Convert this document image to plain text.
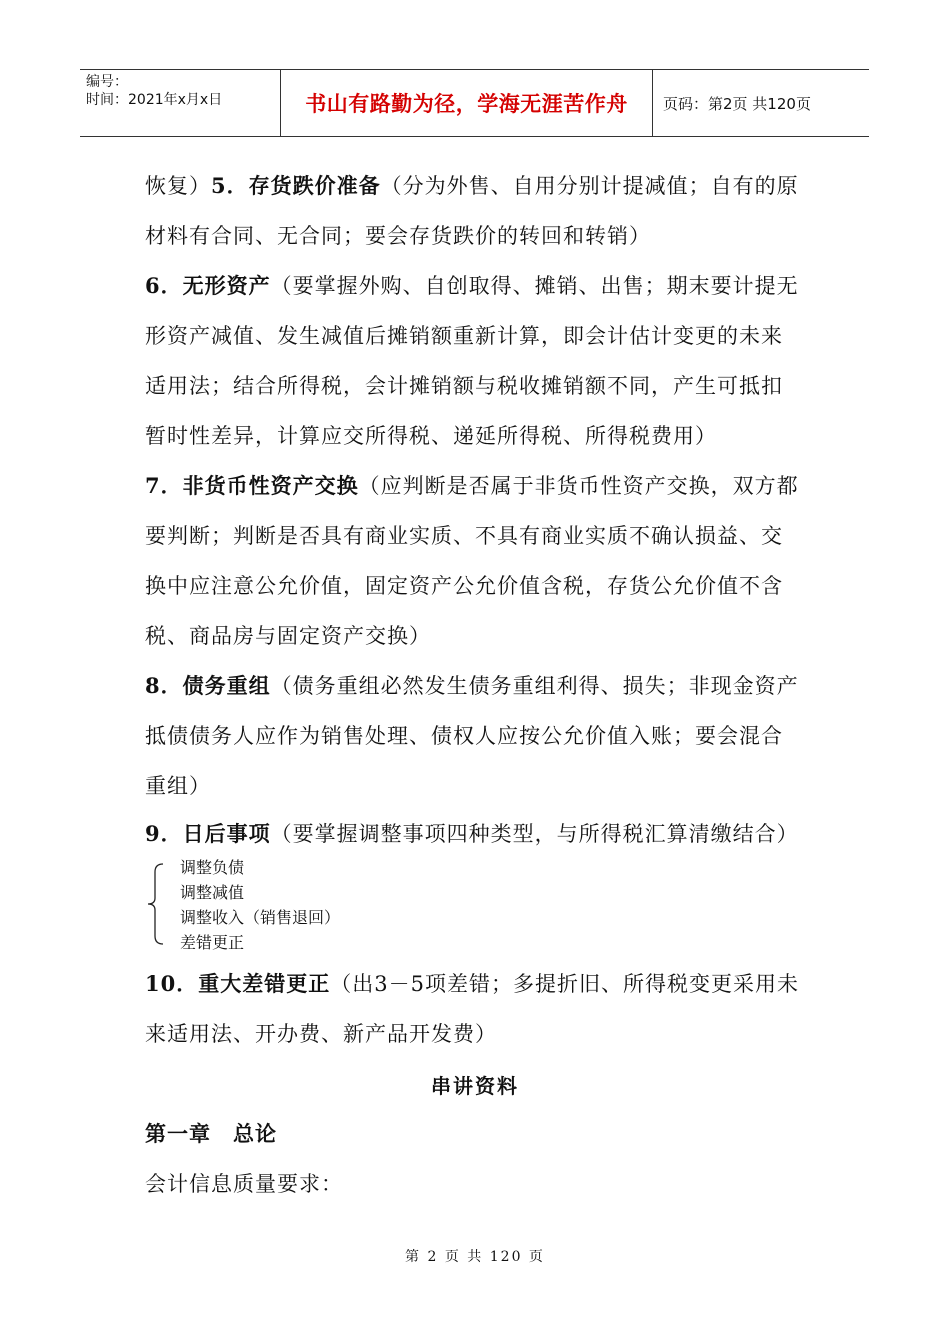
编号：
时间：2021年x月x日	书山有路勤为径，学海无涯苦作舟	页码：第2页 共120页
恢复）5．存货跌价准备（分为外售、自用分别计提减值；自有的原
材料有合同、无合同；要会存货跌价的转回和转销）
6．无形资产（要掌握外购、自创取得、摊销、出售；期末要计提无
形资产减值、发生减值后摊销额重新计算，即会计估计变更的未来
适用法；结合所得税，会计摊销额与税收摊销额不同，产生可抵扣
暂时性差异，计算应交所得税、递延所得税、所得税费用）
7．非货币性资产交换（应判断是否属于非货币性资产交换，双方都
要判断；判断是否具有商业实质、不具有商业实质不确认损益、交
换中应注意公允价值，固定资产公允价值含税，存货公允价值不含
税、商品房与固定资产交换）
8．债务重组（债务重组必然发生债务重组利得、损失；非现金资产
抵债债务人应作为销售处理、债权人应按公允价值入账；要会混合
重组）
9．日后事项（要掌握调整事项四种类型，与所得税汇算清缴结合）
调整负债
调整减值
调整收入（销售退回）
差错更正
10．重大差错更正（出3－5项差错；多提折旧、所得税变更采用未
来适用法、开办费、新产品开发费）
串讲资料
第一章　总论
会计信息质量要求：
第 2 页 共 120 页
